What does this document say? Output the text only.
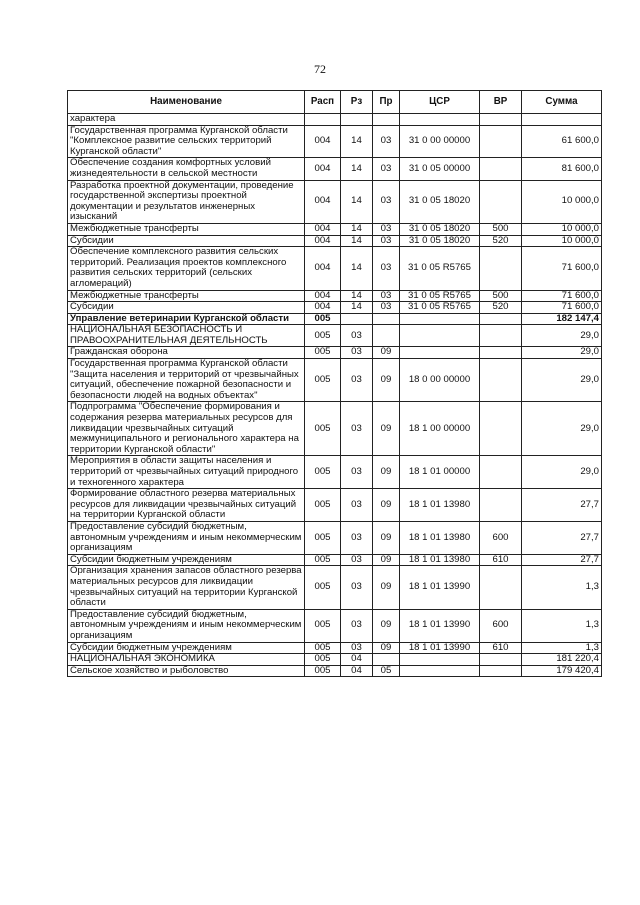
72
Наименование	Расп	Рз	Пр	ЦСР	ВР	Сумма
характера						
Государственная программа Курганской области "Комплексное развитие сельских территорий Курганской области"	004	14	03	31 0 00 00000		61 600,0
Обеспечение создания комфортных условий жизнедеятельности в сельской местности	004	14	03	31 0 05 00000		81 600,0
Разработка проектной документации, проведение государственной экспертизы проектной документации и результатов инженерных изысканий	004	14	03	31 0 05 18020		10 000,0
Межбюджетные трансферты	004	14	03	31 0 05 18020	500	10 000,0
Субсидии	004	14	03	31 0 05 18020	520	10 000,0
Обеспечение комплексного развития сельских территорий. Реализация проектов комплексного развития сельских территорий (сельских агломераций)	004	14	03	31 0 05 R5765		71 600,0
Межбюджетные трансферты	004	14	03	31 0 05 R5765	500	71 600,0
Субсидии	004	14	03	31 0 05 R5765	520	71 600,0
Управление ветеринарии Курганской области	005					182 147,4
НАЦИОНАЛЬНАЯ БЕЗОПАСНОСТЬ И ПРАВООХРАНИТЕЛЬНАЯ ДЕЯТЕЛЬНОСТЬ	005	03				29,0
Гражданская оборона	005	03	09			29,0
Государственная программа Курганской области "Защита населения и территорий от чрезвычайных ситуаций, обеспечение пожарной безопасности и безопасности людей на водных объектах"	005	03	09	18 0 00 00000		29,0
Подпрограмма "Обеспечение формирования и содержания резерва материальных ресурсов для ликвидации чрезвычайных ситуаций межмуниципального и регионального характера на территории Курганской области"	005	03	09	18 1 00 00000		29,0
Мероприятия в области защиты населения и территорий от чрезвычайных ситуаций природного и техногенного характера	005	03	09	18 1 01 00000		29,0
Формирование областного резерва материальных ресурсов для ликвидации чрезвычайных ситуаций на территории Курганской области	005	03	09	18 1 01 13980		27,7
Предоставление субсидий бюджетным, автономным учреждениям и иным некоммерческим организациям	005	03	09	18 1 01 13980	600	27,7
Субсидии бюджетным учреждениям	005	03	09	18 1 01 13980	610	27,7
Организация хранения запасов областного резерва материальных ресурсов для ликвидации чрезвычайных ситуаций на территории Курганской области	005	03	09	18 1 01 13990		1,3
Предоставление субсидий бюджетным, автономным учреждениям и иным некоммерческим организациям	005	03	09	18 1 01 13990	600	1,3
Субсидии бюджетным учреждениям	005	03	09	18 1 01 13990	610	1,3
НАЦИОНАЛЬНАЯ ЭКОНОМИКА	005	04				181 220,4
Сельское хозяйство и рыболовство	005	04	05			179 420,4
